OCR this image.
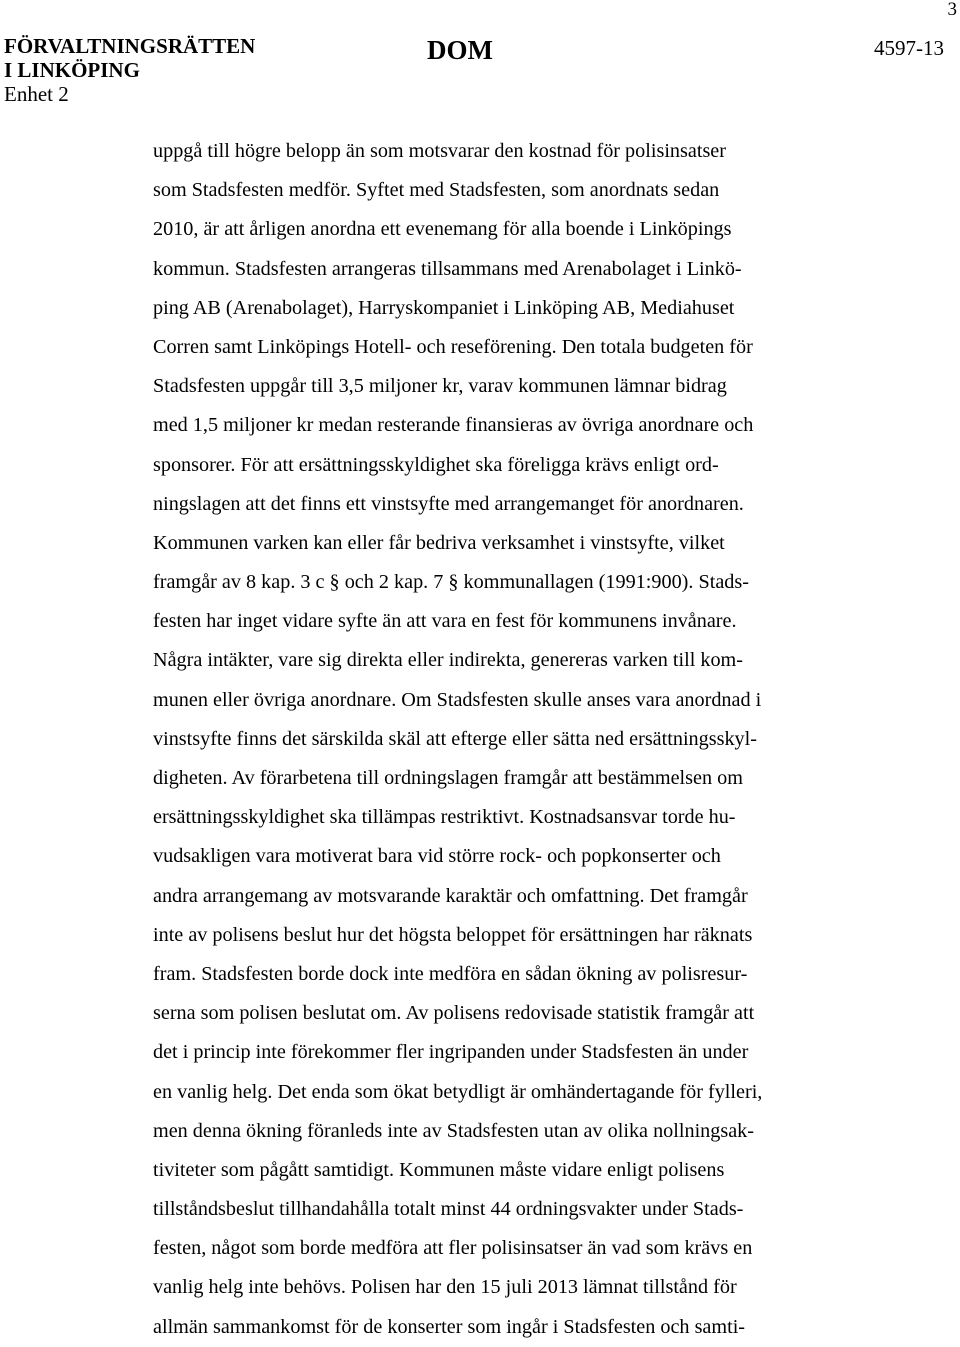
3
FÖRVALTNINGSRÄTTEN
I LINKÖPING
Enhet 2
DOM	4597-13
uppgå till högre belopp än som motsvarar den kostnad för polisinsatser
som Stadsfesten medför. Syftet med Stadsfesten, som anordnats sedan
2010, är att årligen anordna ett evenemang för alla boende i Linköpings
kommun. Stadsfesten arrangeras tillsammans med Arenabolaget i Linkö-
ping AB (Arenabolaget), Harryskompaniet i Linköping AB, Mediahuset
Corren samt Linköpings Hotell- och reseförening. Den totala budgeten för
Stadsfesten uppgår till 3,5 miljoner kr, varav kommunen lämnar bidrag
med 1,5 miljoner kr medan resterande finansieras av övriga anordnare och
sponsorer. För att ersättningsskyldighet ska föreligga krävs enligt ord-
ningslagen att det finns ett vinstsyfte med arrangemanget för anordnaren.
Kommunen varken kan eller får bedriva verksamhet i vinstsyfte, vilket
framgår av 8 kap. 3 c § och 2 kap. 7 § kommunallagen (1991:900). Stads-
festen har inget vidare syfte än att vara en fest för kommunens invånare.
Några intäkter, vare sig direkta eller indirekta, genereras varken till kom-
munen eller övriga anordnare. Om Stadsfesten skulle anses vara anordnad i
vinstsyfte finns det särskilda skäl att efterge eller sätta ned ersättningsskyl-
digheten. Av förarbetena till ordningslagen framgår att bestämmelsen om
ersättningsskyldighet ska tillämpas restriktivt. Kostnadsansvar torde hu-
vudsakligen vara motiverat bara vid större rock- och popkonserter och
andra arrangemang av motsvarande karaktär och omfattning. Det framgår
inte av polisens beslut hur det högsta beloppet för ersättningen har räknats
fram. Stadsfesten borde dock inte medföra en sådan ökning av polisresur-
serna som polisen beslutat om. Av polisens redovisade statistik framgår att
det i princip inte förekommer fler ingripanden under Stadsfesten än under
en vanlig helg. Det enda som ökat betydligt är omhändertagande för fylleri,
men denna ökning föranleds inte av Stadsfesten utan av olika nollningsak-
tiviteter som pågått samtidigt. Kommunen måste vidare enligt polisens
tillståndsbeslut tillhandahålla totalt minst 44 ordningsvakter under Stads-
festen, något som borde medföra att fler polisinsatser än vad som krävs en
vanlig helg inte behövs. Polisen har den 15 juli 2013 lämnat tillstånd för
allmän sammankomst för de konserter som ingår i Stadsfesten och samti-
